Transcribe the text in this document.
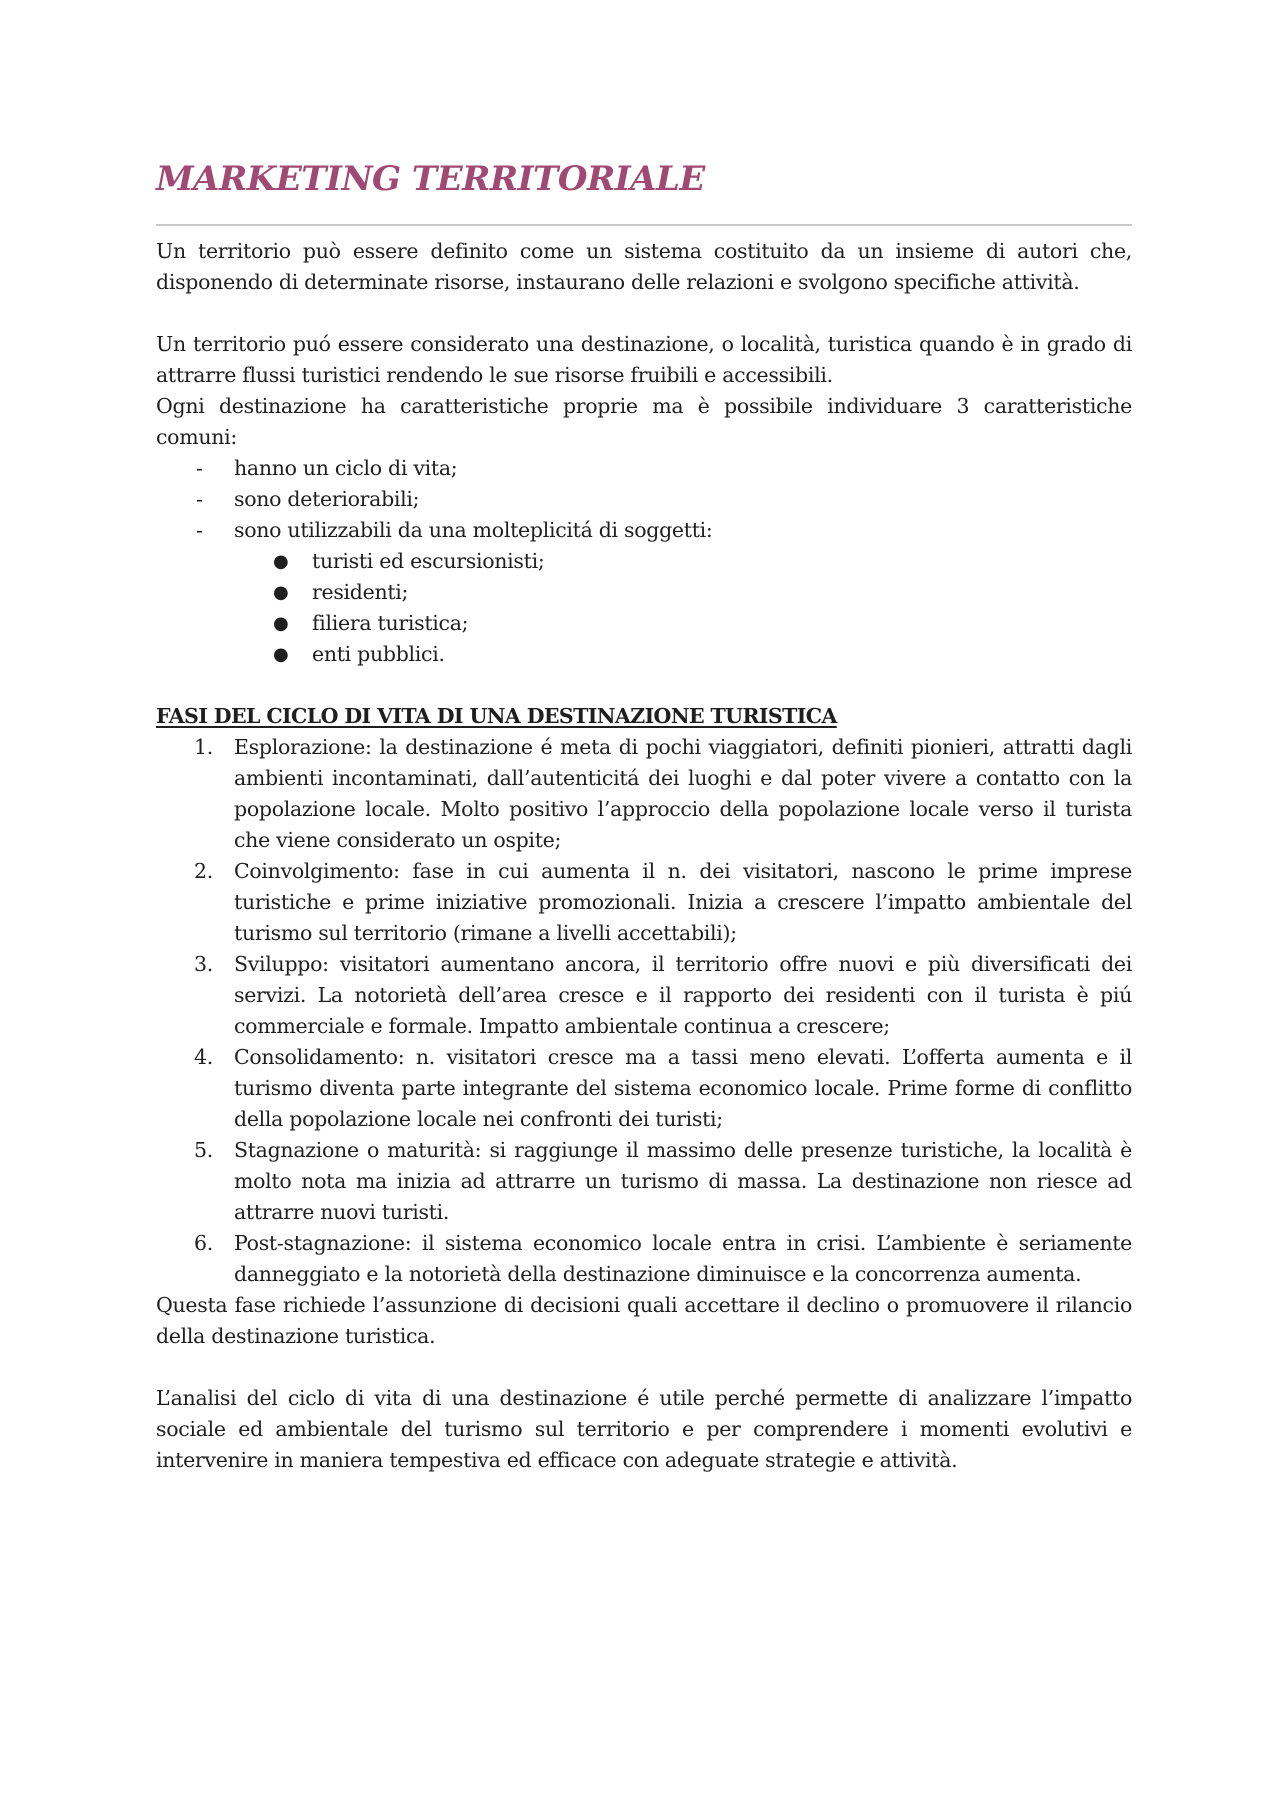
MARKETING TERRITORIALE

Un territorio può essere definito come un sistema costituito da un insieme di autori che, disponendo di determinate risorse, instaurano delle relazioni e svolgono specifiche attività.

Un territorio puó essere considerato una destinazione, o località, turistica quando è in grado di attrarre flussi turistici rendendo le sue risorse fruibili e accessibili.

Ogni destinazione ha caratteristiche proprie ma è possibile individuare 3 caratteristiche comuni:

- hanno un ciclo di vita;
- sono deteriorabili;
- sono utilizzabili da una molteplicitá di soggetti:
● turisti ed escursionisti;
● residenti;
● filiera turistica;
● enti pubblici.
FASI DEL CICLO DI VITA DI UNA DESTINAZIONE TURISTICA
1. Esplorazione: la destinazione é meta di pochi viaggiatori, definiti pionieri, attratti dagli ambienti incontaminati, dall’autenticitá dei luoghi e dal poter vivere a contatto con la popolazione locale. Molto positivo l’approccio della popolazione locale verso il turista che viene considerato un ospite;
2. Coinvolgimento: fase in cui aumenta il n. dei visitatori, nascono le prime imprese turistiche e prime iniziative promozionali. Inizia a crescere l’impatto ambientale del turismo sul territorio (rimane a livelli accettabili);
3. Sviluppo: visitatori aumentano ancora, il territorio offre nuovi e più diversificati dei servizi. La notorietà dell’area cresce e il rapporto dei residenti con il turista è piú commerciale e formale. Impatto ambientale continua a crescere;
4. Consolidamento: n. visitatori cresce ma a tassi meno elevati. L’offerta aumenta e il turismo diventa parte integrante del sistema economico locale. Prime forme di conflitto della popolazione locale nei confronti dei turisti;
5. Stagnazione o maturità: si raggiunge il massimo delle presenze turistiche, la località è molto nota ma inizia ad attrarre un turismo di massa. La destinazione non riesce ad attrarre nuovi turisti.
6. Post-stagnazione: il sistema economico locale entra in crisi. L’ambiente è seriamente danneggiato e la notorietà della destinazione diminuisce e la concorrenza aumenta.

Questa fase richiede l’assunzione di decisioni quali accettare il declino o promuovere il rilancio della destinazione turistica.

L’analisi del ciclo di vita di una destinazione é utile perché permette di analizzare l’impatto sociale ed ambientale del turismo sul territorio e per comprendere i momenti evolutivi e intervenire in maniera tempestiva ed efficace con adeguate strategie e attività.
